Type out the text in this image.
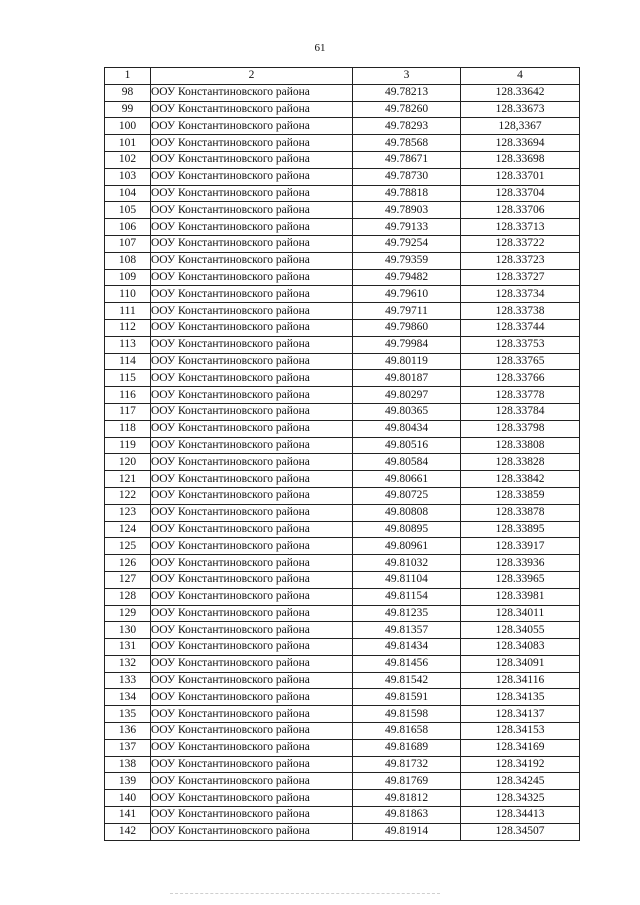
61
1	2	3	4
98	ООУ Константиновского района	49.78213	128.33642
99	ООУ Константиновского района	49.78260	128.33673
100	ООУ Константиновского района	49.78293	128,3367
101	ООУ Константиновского района	49.78568	128.33694
102	ООУ Константиновского района	49.78671	128.33698
103	ООУ Константиновского района	49.78730	128.33701
104	ООУ Константиновского района	49.78818	128.33704
105	ООУ Константиновского района	49.78903	128.33706
106	ООУ Константиновского района	49.79133	128.33713
107	ООУ Константиновского района	49.79254	128.33722
108	ООУ Константиновского района	49.79359	128.33723
109	ООУ Константиновского района	49.79482	128.33727
110	ООУ Константиновского района	49.79610	128.33734
111	ООУ Константиновского района	49.79711	128.33738
112	ООУ Константиновского района	49.79860	128.33744
113	ООУ Константиновского района	49.79984	128.33753
114	ООУ Константиновского района	49.80119	128.33765
115	ООУ Константиновского района	49.80187	128.33766
116	ООУ Константиновского района	49.80297	128.33778
117	ООУ Константиновского района	49.80365	128.33784
118	ООУ Константиновского района	49.80434	128.33798
119	ООУ Константиновского района	49.80516	128.33808
120	ООУ Константиновского района	49.80584	128.33828
121	ООУ Константиновского района	49.80661	128.33842
122	ООУ Константиновского района	49.80725	128.33859
123	ООУ Константиновского района	49.80808	128.33878
124	ООУ Константиновского района	49.80895	128.33895
125	ООУ Константиновского района	49.80961	128.33917
126	ООУ Константиновского района	49.81032	128.33936
127	ООУ Константиновского района	49.81104	128.33965
128	ООУ Константиновского района	49.81154	128.33981
129	ООУ Константиновского района	49.81235	128.34011
130	ООУ Константиновского района	49.81357	128.34055
131	ООУ Константиновского района	49.81434	128.34083
132	ООУ Константиновского района	49.81456	128.34091
133	ООУ Константиновского района	49.81542	128.34116
134	ООУ Константиновского района	49.81591	128.34135
135	ООУ Константиновского района	49.81598	128.34137
136	ООУ Константиновского района	49.81658	128.34153
137	ООУ Константиновского района	49.81689	128.34169
138	ООУ Константиновского района	49.81732	128.34192
139	ООУ Константиновского района	49.81769	128.34245
140	ООУ Константиновского района	49.81812	128.34325
141	ООУ Константиновского района	49.81863	128.34413
142	ООУ Константиновского района	49.81914	128.34507
